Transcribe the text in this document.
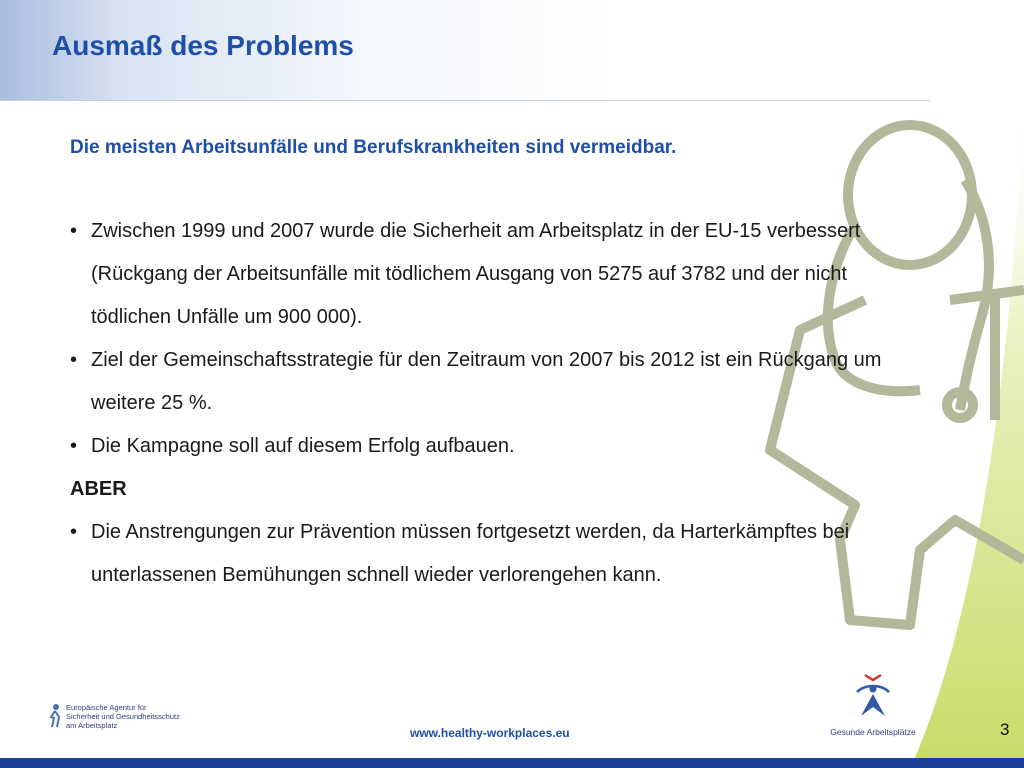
Ausmaß des Problems
Die meisten Arbeitsunfälle und Berufskrankheiten sind vermeidbar.
• Zwischen 1999 und 2007 wurde die Sicherheit am Arbeitsplatz in der EU-15 verbessert (Rückgang der Arbeitsunfälle mit tödlichem Ausgang von 5275 auf 3782 und der nicht tödlichen Unfälle um 900 000).
• Ziel der Gemeinschaftsstrategie für den Zeitraum von 2007 bis 2012 ist ein Rückgang um weitere 25 %.
• Die Kampagne soll auf diesem Erfolg aufbauen.
ABER
• Die Anstrengungen zur Prävention müssen fortgesetzt werden, da Harterkämpftes bei unterlassenen Bemühungen schnell wieder verlorengehen kann.
Europäische Agentur für
Sicherheit und Gesundheitsschutz
am Arbeitsplatz
www.healthy-workplaces.eu	Gesunde Arbeitsplätze	3
